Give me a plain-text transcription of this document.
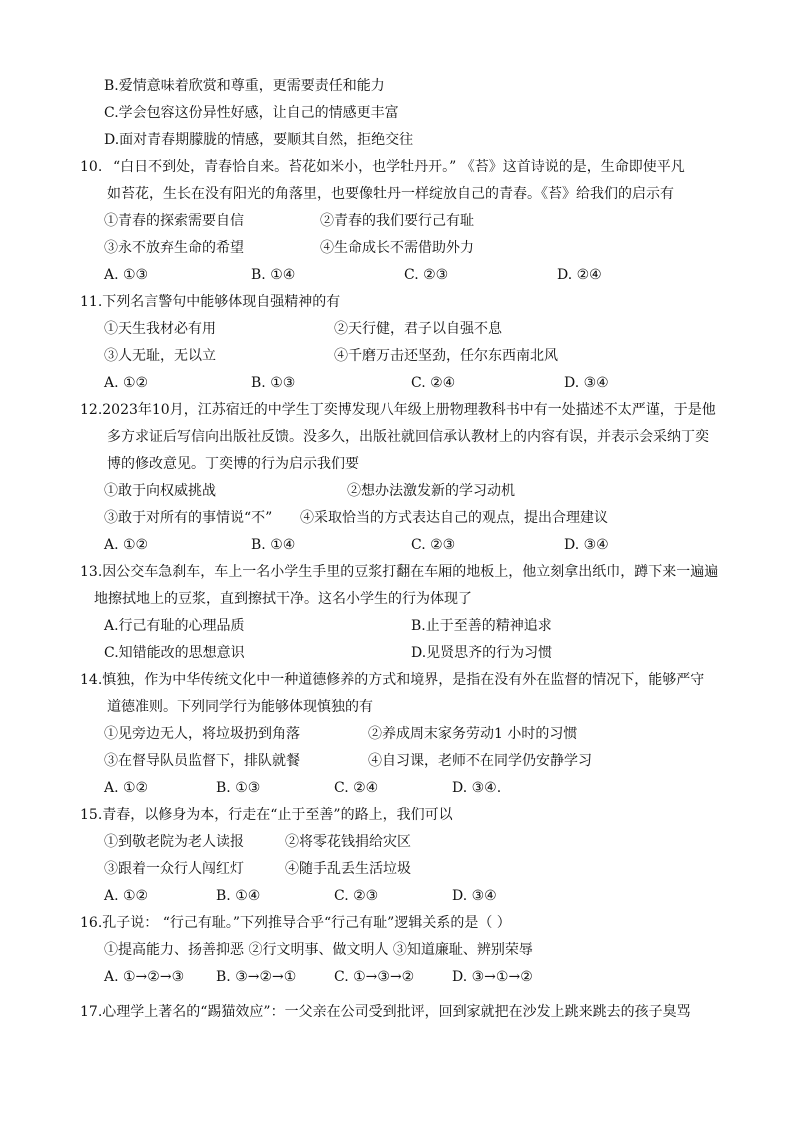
B.爱情意味着欣赏和尊重，更需要责任和能力
C.学会包容这份异性好感，让自己的情感更丰富
D.面对青春期朦胧的情感，要顺其自然，拒绝交往
10. “白日不到处，青春恰自来。苔花如米小，也学牡丹开。” 《苔》这首诗说的是，生命即使平凡
如苔花，生长在没有阳光的角落里，也要像牡丹一样绽放自己的青春。《苔》给我们的启示有
①青春的探索需要自信	②青春的我们要行己有耻
③永不放弃生命的希望	④生命成长不需借助外力
A. ①③	B. ①④	C. ②③	D. ②④
11.下列名言警句中能够体现自强精神的有
①天生我材必有用	②天行健，君子以自强不息
③人无耻，无以立	④千磨万击还坚劲，任尔东西南北风
A. ①②	B. ①③	C. ②④	D. ③④
12.2023年10月，江苏宿迁的中学生丁奕博发现八年级上册物理教科书中有一处描述不太严谨，于是他
多方求证后写信向出版社反馈。没多久，出版社就回信承认教材上的内容有误，并表示会采纳丁奕
博的修改意见。丁奕博的行为启示我们要
①敢于向权威挑战	②想办法激发新的学习动机
③敢于对所有的事情说“不” ④采取恰当的方式表达自己的观点，提出合理建议
A. ①②	B. ①④	C. ②③	D. ③④
13.因公交车急刹车，车上一名小学生手里的豆浆打翻在车厢的地板上，他立刻拿出纸巾，蹲下来一遍遍
地擦拭地上的豆浆，直到擦拭干净。这名小学生的行为体现了
A.行己有耻的心理品质	B.止于至善的精神追求
C.知错能改的思想意识	D.见贤思齐的行为习惯
14.慎独，作为中华传统文化中一种道德修养的方式和境界，是指在没有外在监督的情况下，能够严守
道德准则。下列同学行为能够体现慎独的有
①见旁边无人，将垃圾扔到角落	②养成周末家务劳动1 小时的习惯
③在督导队员监督下，排队就餐	④自习课，老师不在同学仍安静学习
A. ①②	B. ①③	C. ②④	D. ③④.
15.青春，以修身为本，行走在“止于至善”的路上，我们可以
①到敬老院为老人读报	②将零花钱捐给灾区
③跟着一众行人闯红灯	④随手乱丢生活垃圾
A. ①②	B. ①④	C. ②③	D. ③④
16.孔子说： “行己有耻。”下列推导合乎“行己有耻”逻辑关系的是（ ）
①提高能力、扬善抑恶 ②行文明事、做文明人 ③知道廉耻、辨别荣辱
A. ①→②→③ B. ③→②→①	C. ①→③→②	D. ③→①→②
17.心理学上著名的“踢猫效应”：一父亲在公司受到批评，回到家就把在沙发上跳来跳去的孩子臭骂
